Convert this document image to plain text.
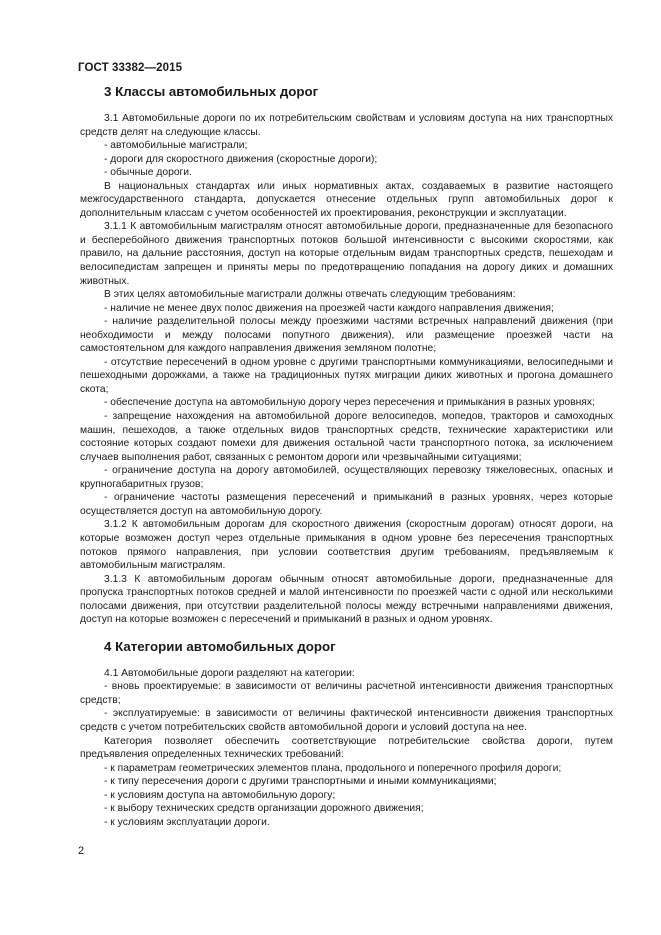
ГОСТ 33382—2015
3 Классы автомобильных дорог

3.1 Автомобильные дороги по их потребительским свойствам и условиям доступа на них транспортных средств делят на следующие классы.

- автомобильные магистрали;

- дороги для скоростного движения (скоростные дороги);

- обычные дороги.

В национальных стандартах или иных нормативных актах, создаваемых в развитие настоящего межгосударственного стандарта, допускается отнесение отдельных групп автомобильных дорог к дополнительным классам с учетом особенностей их проектирования, реконструкции и эксплуатации.

3.1.1 К автомобильным магистралям относят автомобильные дороги, предназначенные для безопасного и бесперебойного движения транспортных потоков большой интенсивности с высокими скоростями, как правило, на дальние расстояния, доступ на которые отдельным видам транспортных средств, пешеходам и велосипедистам запрещен и приняты меры по предотвращению попадания на дорогу диких и домашних животных.

В этих целях автомобильные магистрали должны отвечать следующим требованиям:

- наличие не менее двух полос движения на проезжей части каждого направления движения;

- наличие разделительной полосы между проезжими частями встречных направлений движения (при необходимости и между полосами попутного движения), или размещение проезжей части на самостоятельном для каждого направления движения земляном полотне;

- отсутствие пересечений в одном уровне с другими транспортными коммуникациями, велосипедными и пешеходными дорожками, а также на традиционных путях миграции диких животных и прогона домашнего скота;

- обеспечение доступа на автомобильную дорогу через пересечения и примыкания в разных уровнях;

- запрещение нахождения на автомобильной дороге велосипедов, мопедов, тракторов и самоходных машин, пешеходов, а также отдельных видов транспортных средств, технические характеристики или состояние которых создают помехи для движения остальной части транспортного потока, за исключением случаев выполнения работ, связанных с ремонтом дороги или чрезвычайными ситуациями;

- ограничение доступа на дорогу автомобилей, осуществляющих перевозку тяжеловесных, опасных и крупногабаритных грузов;

- ограничение частоты размещения пересечений и примыканий в разных уровнях, через которые осуществляется доступ на автомобильную дорогу.

3.1.2 К автомобильным дорогам для скоростного движения (скоростным дорогам) относят дороги, на которые возможен доступ через отдельные примыкания в одном уровне без пересечения транспортных потоков прямого направления, при условии соответствия другим требованиям, предъявляемым к автомобильным магистралям.

3.1.3 К автомобильным дорогам обычным относят автомобильные дороги, предназначенные для пропуска транспортных потоков средней и малой интенсивности по проезжей части с одной или несколькими полосами движения, при отсутствии разделительной полосы между встречными направлениями движения, доступ на которые возможен с пересечений и примыканий в разных и одном уровнях.

4 Категории автомобильных дорог

4.1 Автомобильные дороги разделяют на категории:

- вновь проектируемые: в зависимости от величины расчетной интенсивности движения транспортных средств;

- эксплуатируемые: в зависимости от величины фактической интенсивности движения транспортных средств с учетом потребительских свойств автомобильной дороги и условий доступа на нее.

Категория позволяет обеспечить соответствующие потребительские свойства дороги, путем предъявления определенных технических требований:

- к параметрам геометрических элементов плана, продольного и поперечного профиля дороги;

- к типу пересечения дороги с другими транспортными и иными коммуникациями;

- к условиям доступа на автомобильную дорогу;

- к выбору технических средств организации дорожного движения;

- к условиям эксплуатации дороги.

2
